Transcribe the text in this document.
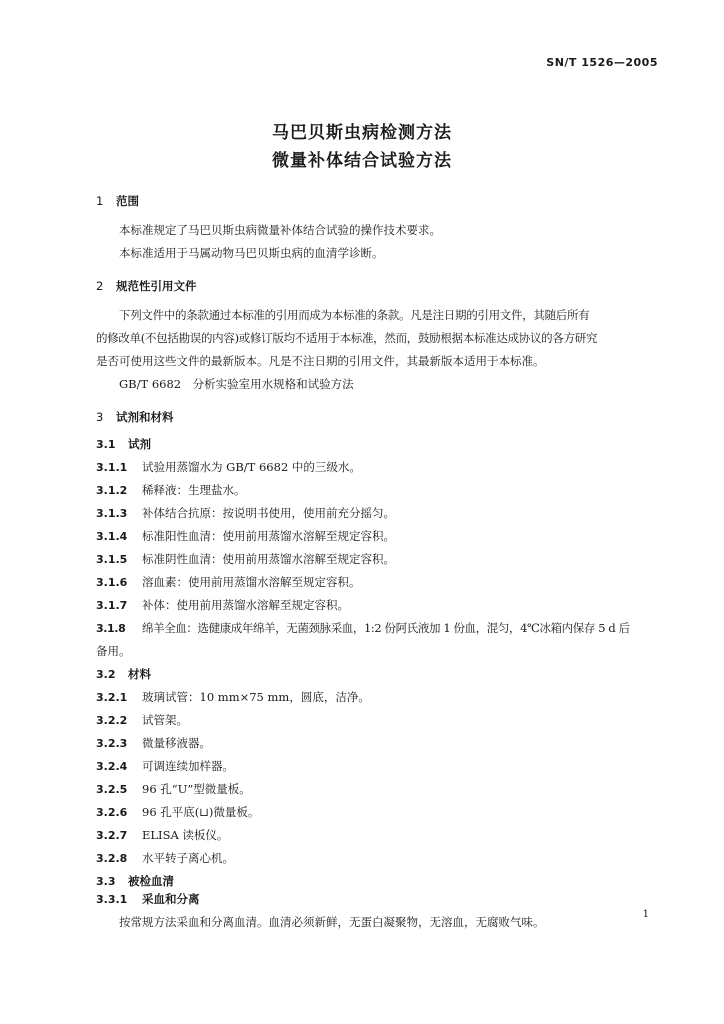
SN/T 1526—2005
马巴贝斯虫病检测方法
微量补体结合试验方法
1 范围
本标准规定了马巴贝斯虫病微量补体结合试验的操作技术要求。
本标准适用于马属动物马巴贝斯虫病的血清学诊断。
2 规范性引用文件
下列文件中的条款通过本标准的引用而成为本标准的条款。凡是注日期的引用文件，其随后所有
的修改单(不包括勘误的内容)或修订版均不适用于本标准，然而，鼓励根据本标准达成协议的各方研究
是否可使用这些文件的最新版本。凡是不注日期的引用文件，其最新版本适用于本标准。
GB/T 6682　分析实验室用水规格和试验方法
3 试剂和材料
3.1 试剂
3.1.1 试验用蒸馏水为 GB/T 6682 中的三级水。
3.1.2 稀释液：生理盐水。
3.1.3 补体结合抗原：按说明书使用，使用前充分摇匀。
3.1.4 标准阳性血清：使用前用蒸馏水溶解至规定容积。
3.1.5 标准阴性血清：使用前用蒸馏水溶解至规定容积。
3.1.6 溶血素：使用前用蒸馏水溶解至规定容积。
3.1.7 补体：使用前用蒸馏水溶解至规定容积。
3.1.8 绵羊全血：选健康成年绵羊，无菌颈脉采血，1:2 份阿氏液加 1 份血，混匀，4℃冰箱内保存 5 d 后
备用。
3.2 材料
3.2.1 玻璃试管：10 mm×75 mm，圆底，洁净。
3.2.2 试管架。
3.2.3 微量移液器。
3.2.4 可调连续加样器。
3.2.5 96 孔“U”型微量板。
3.2.6 96 孔平底(⊔)微量板。
3.2.7 ELISA 读板仪。
3.2.8 水平转子离心机。
3.3 被检血清
3.3.1 采血和分离
按常规方法采血和分离血清。血清必须新鲜，无蛋白凝聚物，无溶血，无腐败气味。
1
